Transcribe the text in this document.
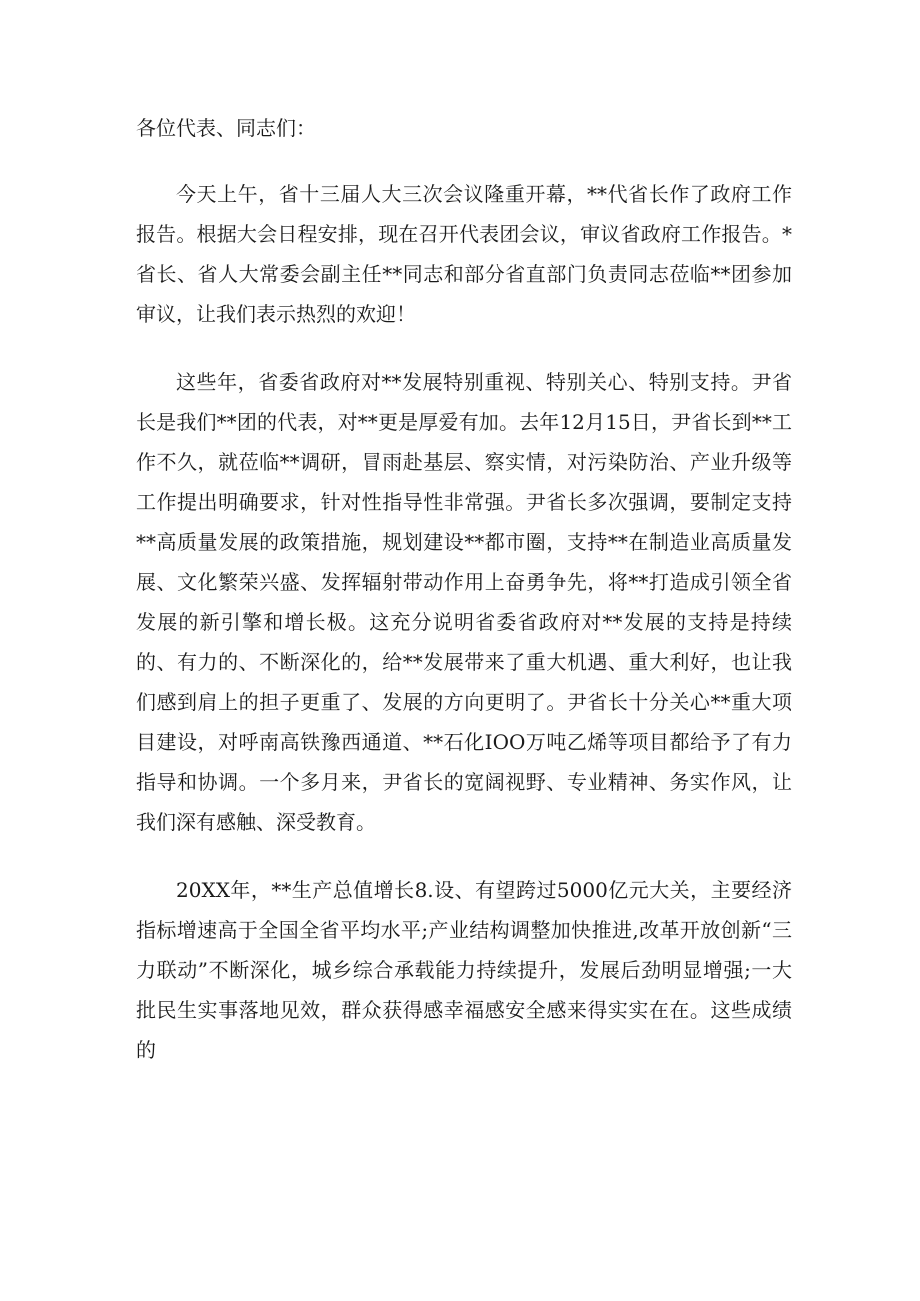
各位代表、同志们：

今天上午，省十三届人大三次会议隆重开幕，**代省长作了政府工作报告。根据大会日程安排，现在召开代表团会议，审议省政府工作报告。*省长、省人大常委会副主任**同志和部分省直部门负责同志莅临**团参加审议，让我们表示热烈的欢迎！

这些年，省委省政府对**发展特别重视、特别关心、特别支持。尹省长是我们**团的代表，对**更是厚爱有加。去年12月15日，尹省长到**工作不久，就莅临**调研，冒雨赴基层、察实情，对污染防治、产业升级等工作提出明确要求，针对性指导性非常强。尹省长多次强调，要制定支持**高质量发展的政策措施，规划建设**都市圈，支持**在制造业高质量发展、文化繁荣兴盛、发挥辐射带动作用上奋勇争先，将**打造成引领全省发展的新引擎和增长极。这充分说明省委省政府对**发展的支持是持续的、有力的、不断深化的，给**发展带来了重大机遇、重大利好，也让我们感到肩上的担子更重了、发展的方向更明了。尹省长十分关心**重大项目建设，对呼南高铁豫西通道、**石化IOO万吨乙烯等项目都给予了有力指导和协调。一个多月来，尹省长的宽阔视野、专业精神、务实作风，让我们深有感触、深受教育。

20XX年，**生产总值增长8.设、有望跨过5000亿元大关，主要经济指标增速高于全国全省平均水平;产业结构调整加快推进,改革开放创新“三力联动”不断深化，城乡综合承载能力持续提升，发展后劲明显增强;一大批民生实事落地见效，群众获得感幸福感安全感来得实实在在。这些成绩的
